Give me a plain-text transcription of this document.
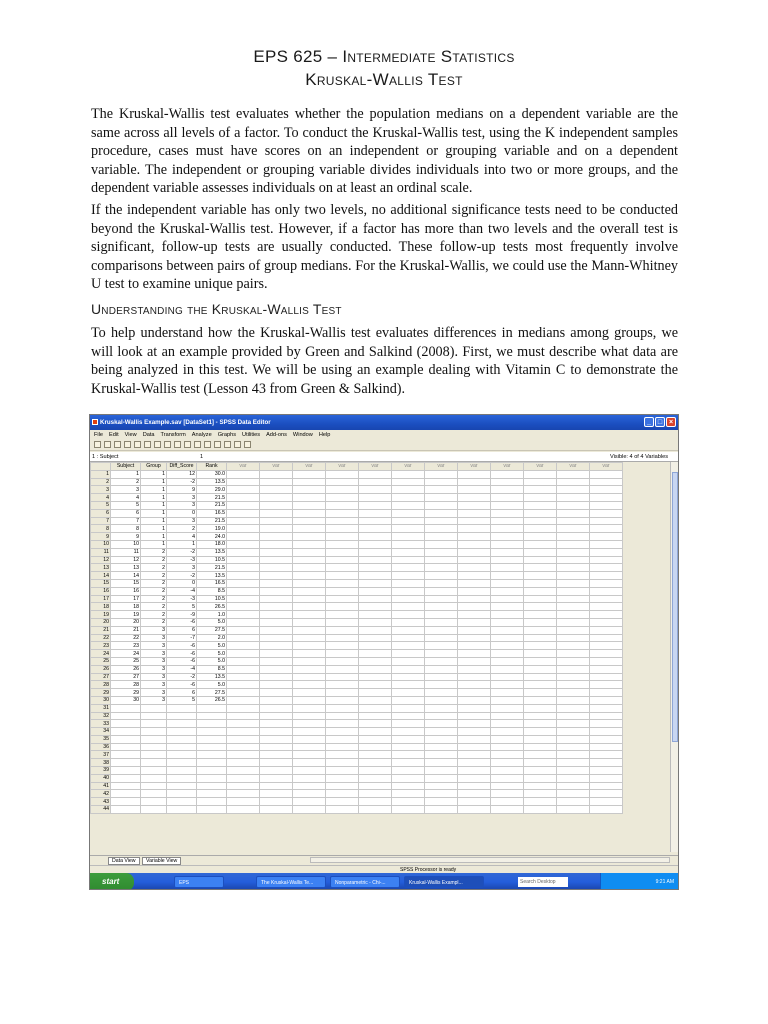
EPS 625 – Intermediate Statistics
Kruskal-Wallis Test
The Kruskal-Wallis test evaluates whether the population medians on a dependent variable are the same across all levels of a factor. To conduct the Kruskal-Wallis test, using the K independent samples procedure, cases must have scores on an independent or grouping variable and on a dependent variable. The independent or grouping variable divides individuals into two or more groups, and the dependent variable assesses individuals on at least an ordinal scale.
If the independent variable has only two levels, no additional significance tests need to be conducted beyond the Kruskal-Wallis test. However, if a factor has more than two levels and the overall test is significant, follow-up tests are usually conducted. These follow-up tests most frequently involve comparisons between pairs of group medians. For the Kruskal-Wallis, we could use the Mann-Whitney U test to examine unique pairs.
Understanding the Kruskal-Wallis Test
To help understand how the Kruskal-Wallis test evaluates differences in medians among groups, we will look at an example provided by Green and Salkind (2008). First, we must describe what data are being analyzed in this test. We will be using an example dealing with Vitamin C to demonstrate the Kruskal-Wallis test (Lesson 43 from Green & Salkind).
Kruskal-Wallis Example.sav [DataSet1] - SPSS Data Editor	_ □ ×
File Edit View Data Transform Analyze Graphs Utilities Add-ons Window Help
1 : Subject	1	Visible: 4 of 4 Variables
	Subject	Group	Diff_Score	Rank	var	var	var	var	var	var	var	var	var	var	var	var
1	1	1	12	30.0												
2	2	1	-2	13.5												
3	3	1	9	29.0												
4	4	1	3	21.5												
5	5	1	3	21.5												
6	6	1	0	16.5												
7	7	1	3	21.5												
8	8	1	2	19.0												
9	9	1	4	24.0												
10	10	1	1	18.0												
11	11	2	-2	13.5												
12	12	2	-3	10.5												
13	13	2	3	21.5												
14	14	2	-2	13.5												
15	15	2	0	16.5												
16	16	2	-4	8.5												
17	17	2	-3	10.5												
18	18	2	5	26.5												
19	19	2	-9	1.0												
20	20	2	-6	5.0												
21	21	3	6	27.5												
22	22	3	-7	2.0												
23	23	3	-6	5.0												
24	24	3	-6	5.0												
25	25	3	-6	5.0												
26	26	3	-4	8.5												
27	27	3	-2	13.5												
28	28	3	-6	5.0												
29	29	3	6	27.5												
30	30	3	5	26.5												
31																
32																
33																
34																
35																
36																
37																
38																
39																
40																
41																
42																
43																
44																
Data View	Variable View
SPSS Processor is ready
start	EPS	The Kruskal-Wallis Te...	Nonparametric - Chi-...	Kruskal-Wallis Exampl...	Search Desktop	9:21 AM
